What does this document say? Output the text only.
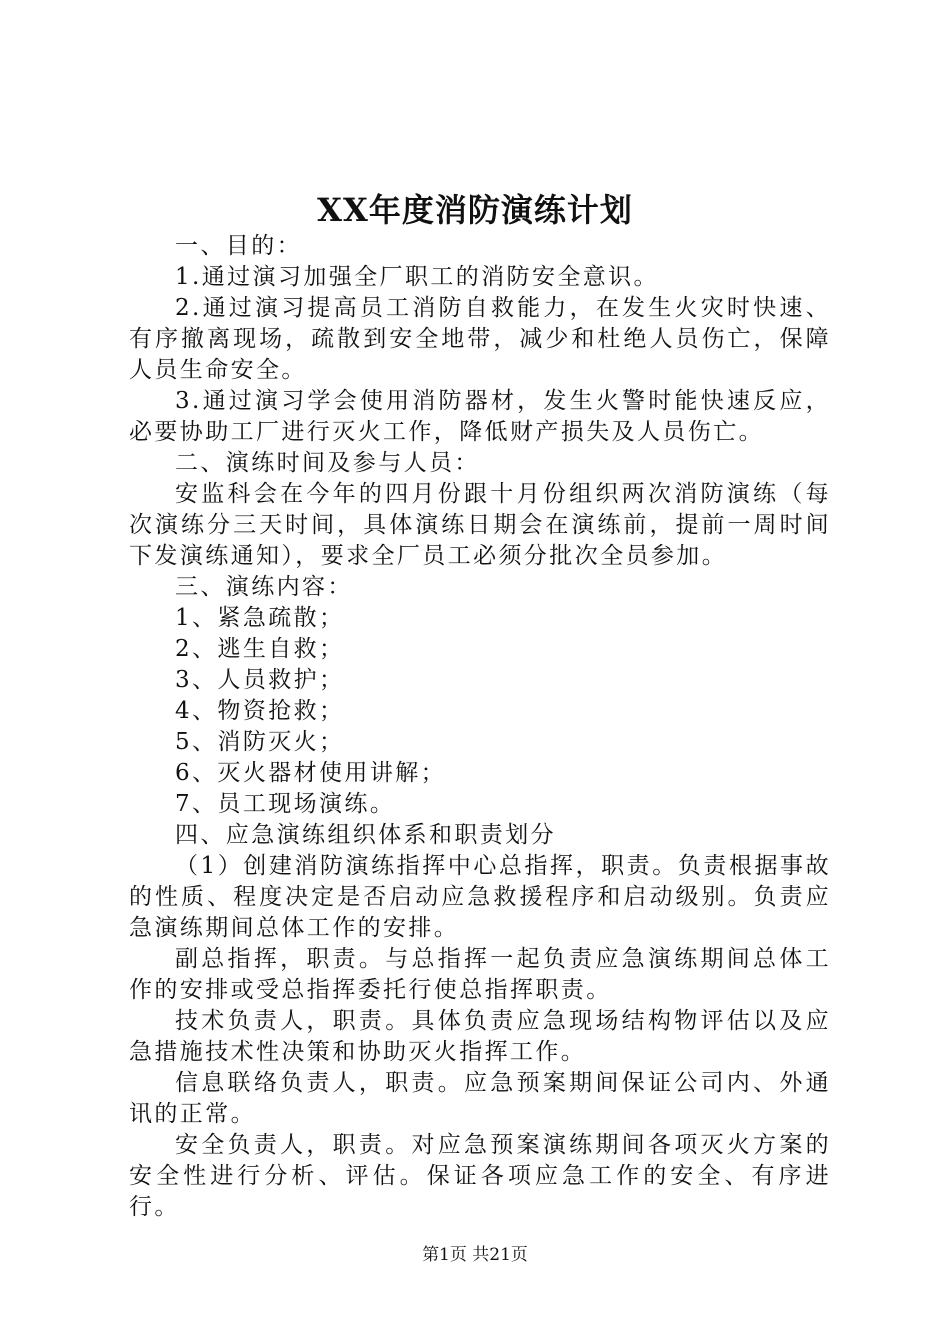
XX年度消防演练计划

一、目的：

1.通过演习加强全厂职工的消防安全意识。

2.通过演习提高员工消防自救能力，在发生火灾时快速、有序撤离现场，疏散到安全地带，减少和杜绝人员伤亡，保障人员生命安全。

3.通过演习学会使用消防器材，发生火警时能快速反应，必要协助工厂进行灭火工作，降低财产损失及人员伤亡。

二、演练时间及参与人员：

安监科会在今年的四月份跟十月份组织两次消防演练（每次演练分三天时间，具体演练日期会在演练前，提前一周时间下发演练通知），要求全厂员工必须分批次全员参加。

三、演练内容：

1、紧急疏散；

2、逃生自救；

3、人员救护；

4、物资抢救；

5、消防灭火；

6、灭火器材使用讲解；

7、员工现场演练。

四、应急演练组织体系和职责划分

（1）创建消防演练指挥中心总指挥，职责。负责根据事故的性质、程度决定是否启动应急救援程序和启动级别。负责应急演练期间总体工作的安排。

副总指挥，职责。与总指挥一起负责应急演练期间总体工作的安排或受总指挥委托行使总指挥职责。

技术负责人，职责。具体负责应急现场结构物评估以及应急措施技术性决策和协助灭火指挥工作。

信息联络负责人，职责。应急预案期间保证公司内、外通讯的正常。

安全负责人，职责。对应急预案演练期间各项灭火方案的安全性进行分析、评估。保证各项应急工作的安全、有序进行。

第1页 共21页
